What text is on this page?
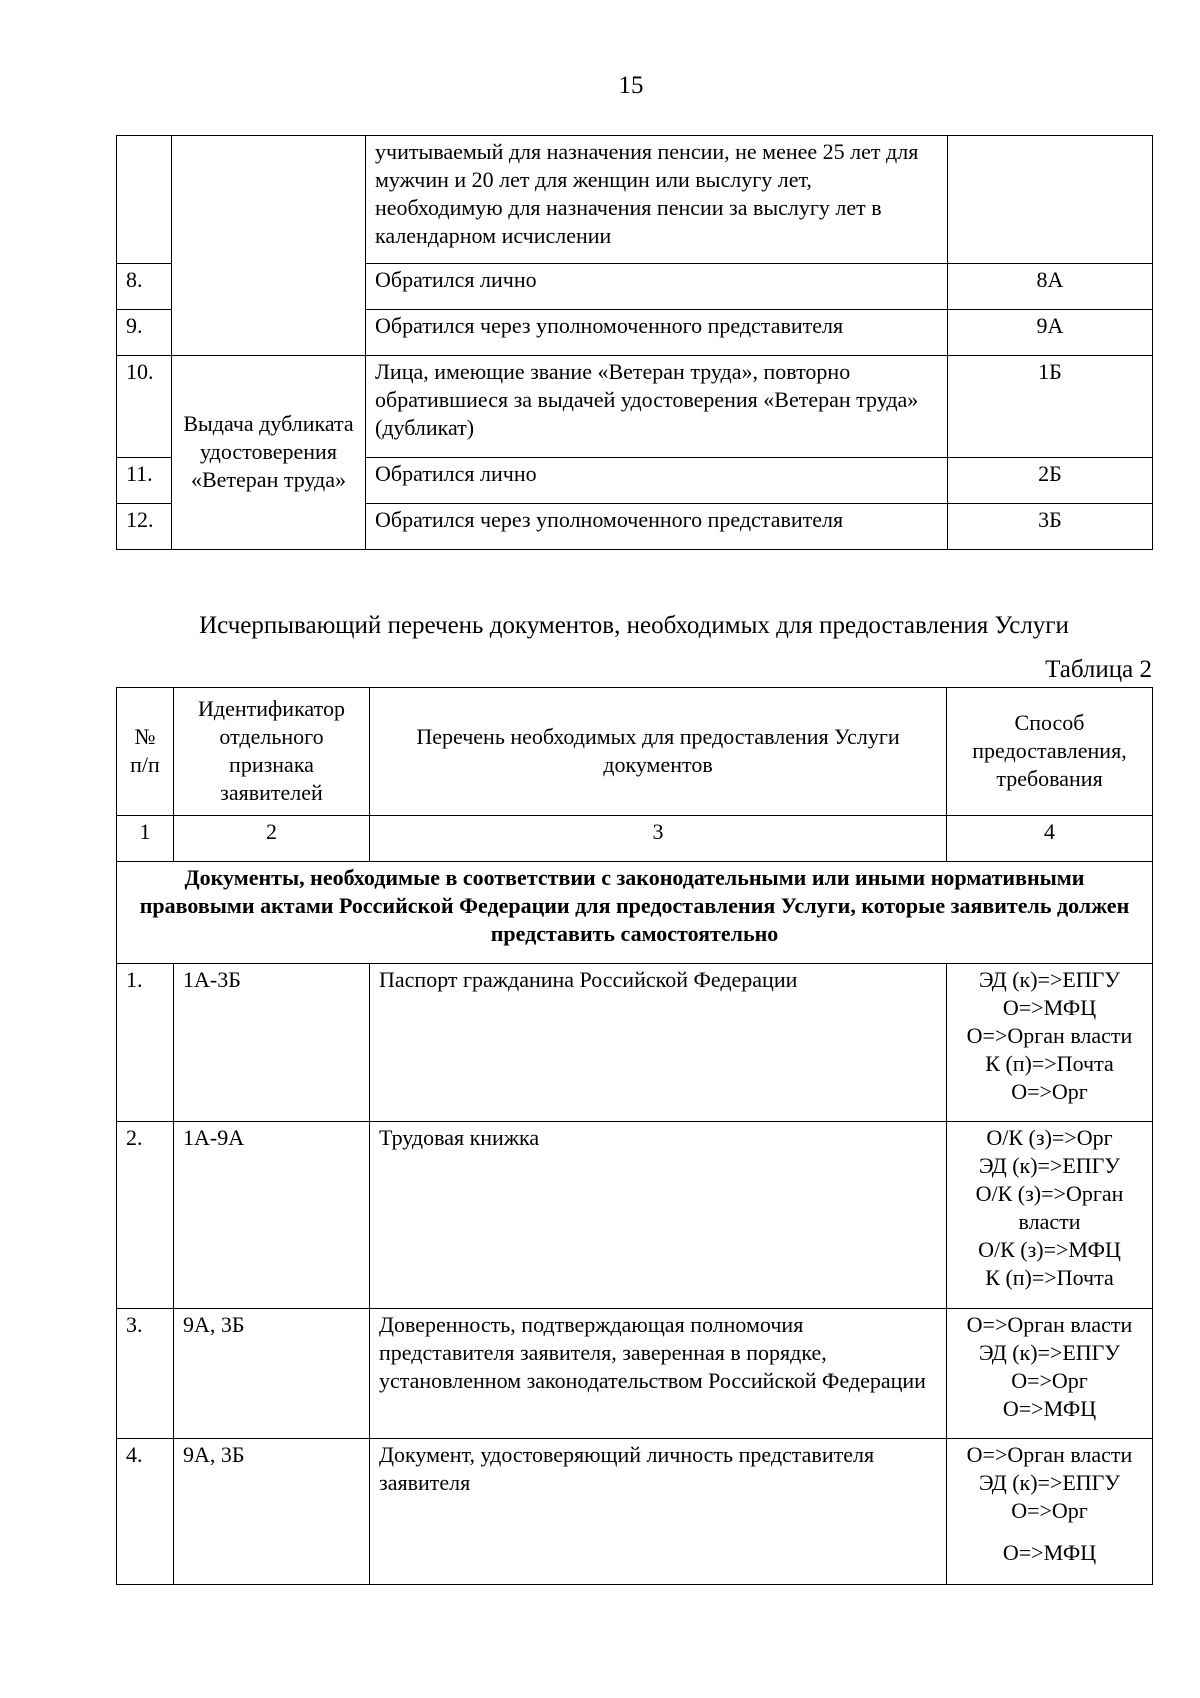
15
		учитываемый для назначения пенсии, не менее 25 лет для мужчин и 20 лет для женщин или выслугу лет, необходимую для назначения пенсии за выслугу лет в календарном исчислении	
8.		Обратился лично	8А
9.		Обратился через уполномоченного представителя	9А
10.	Выдача дубликата удостоверения «Ветеран труда»	Лица, имеющие звание «Ветеран труда», повторно обратившиеся за выдачей удостоверения «Ветеран труда» (дубликат)	1Б
11.		Обратился лично	2Б
12.		Обратился через уполномоченного представителя	3Б
Исчерпывающий перечень документов, необходимых для предоставления Услуги
Таблица 2
№ п/п	Идентификатор отдельного признака заявителей	Перечень необходимых для предоставления Услуги документов	Способ предоставления, требования
1	2	3	4
Документы, необходимые в соответствии с законодательными или иными нормативными правовыми актами Российской Федерации для предоставления Услуги, которые заявитель должен представить самостоятельно			
1.	1А-3Б	Паспорт гражданина Российской Федерации	ЭД (к)=>ЕПГУ
О=>МФЦ
О=>Орган власти
К (п)=>Почта
О=>Орг

2.	1А-9А	Трудовая книжка	О/К (з)=>Орг
ЭД (к)=>ЕПГУ
О/К (з)=>Орган власти
О/К (з)=>МФЦ
К (п)=>Почта

3.	9А, 3Б	Доверенность, подтверждающая полномочия представителя заявителя, заверенная в порядке, установленном законодательством Российской Федерации	О=>Орган власти
ЭД (к)=>ЕПГУ
О=>Орг
О=>МФЦ

4.	9А, 3Б	Документ, удостоверяющий личность представителя заявителя	О=>Орган власти
ЭД (к)=>ЕПГУ
О=>Орг
О=>МФЦ
